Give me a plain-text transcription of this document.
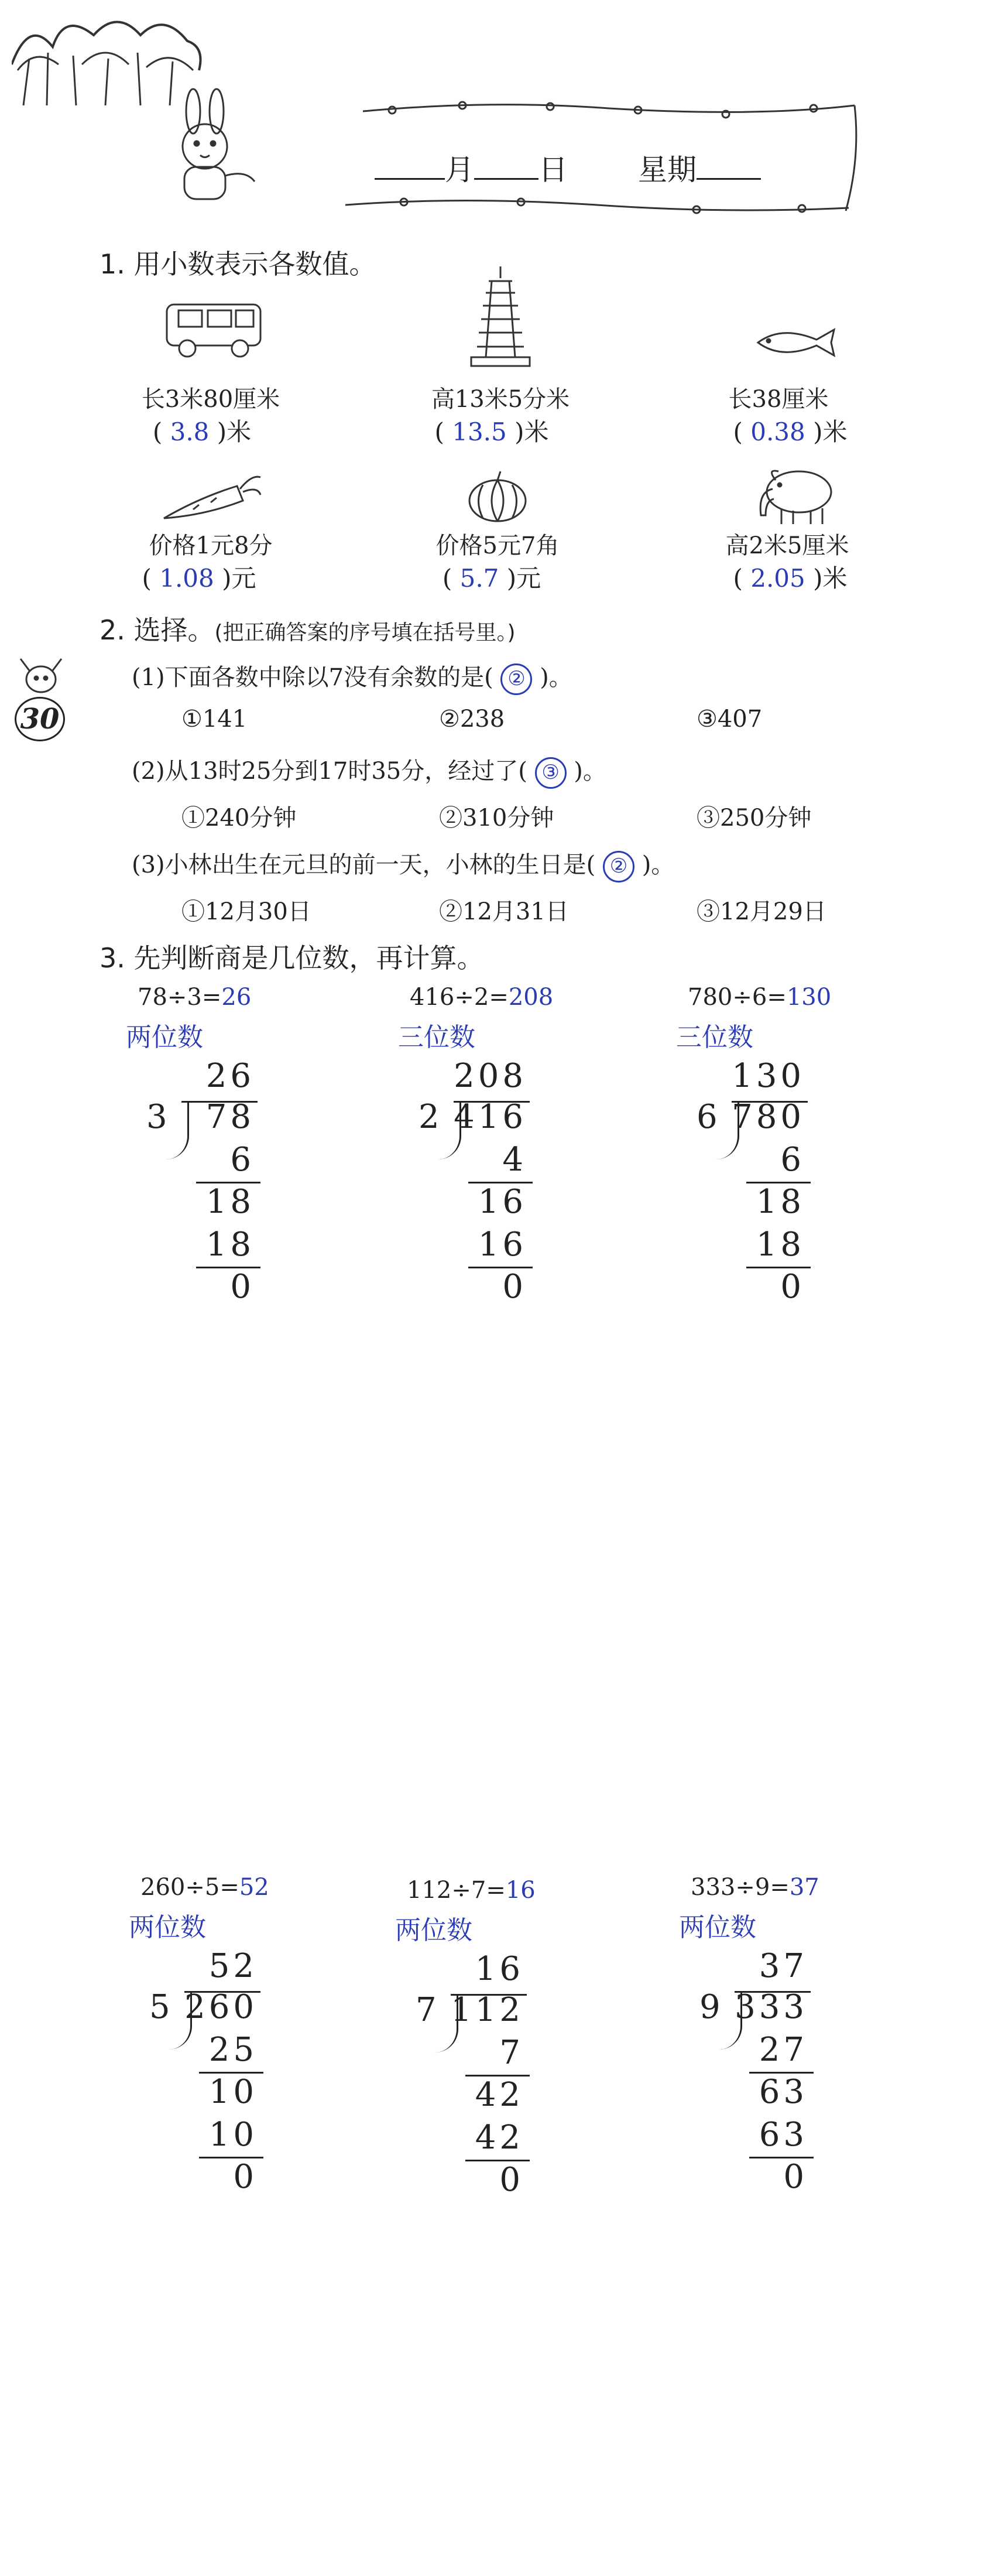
月 日 星期
30
1. 用小数表示各数值。
长3米80厘米	高13米5分米	长38厘米
( 3.8 )米	( 13.5 )米	( 0.38 )米
价格1元8分	价格5元7角	高2米5厘米
( 1.08 )元	( 5.7 )元	( 2.05 )米
2. 选择。(把正确答案的序号填在括号里。)
(1)下面各数中除以7没有余数的是( ② )。
①141	②238	③407
(2)从13时25分到17时35分，经过了( ③ )。
①240分钟	②310分钟	③250分钟
(3)小林出生在元旦的前一天，小林的生日是( ② )。
①12月30日	②12月31日	③12月29日
3. 先判断商是几位数，再计算。
78÷3=26
两位数
26
3 78
6
18
18
0
416÷2=208
三位数
208
2 416
4
16
16
0
780÷6=130
三位数
130
6 780
6
18
18
0
260÷5=52
两位数
52
5 260
25
10
10
0
112÷7=16
两位数
16
7 112
7
42
42
0
333÷9=37
两位数
37
9 333
27
63
63
0
